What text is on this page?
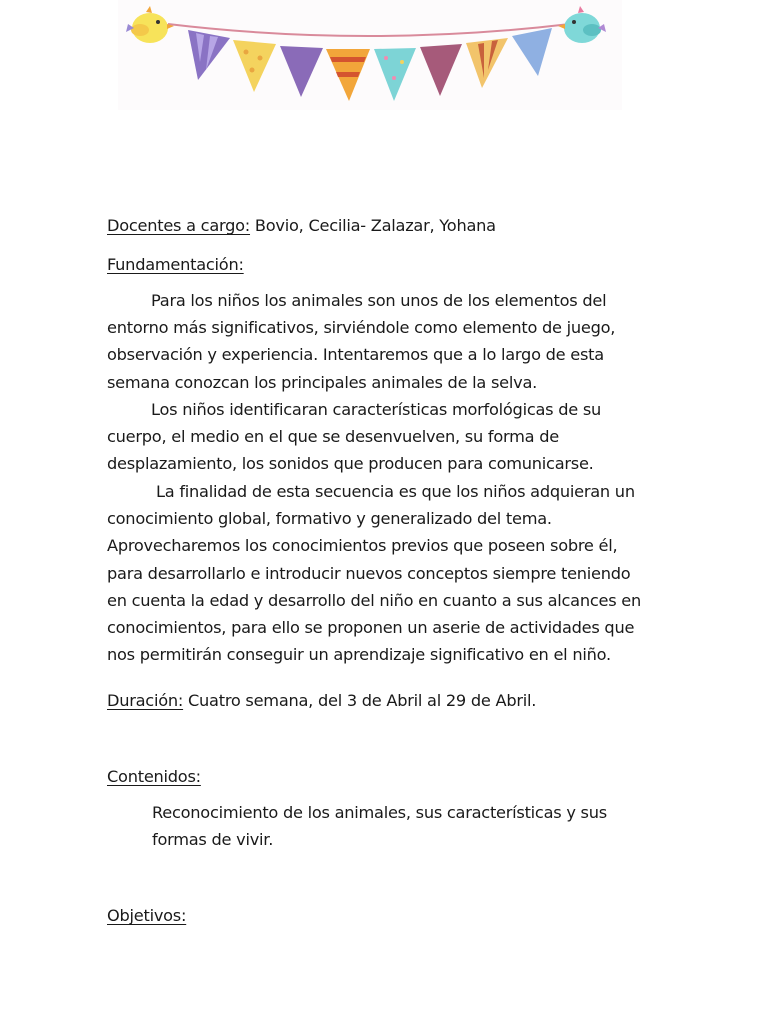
Docentes a cargo: Bovio, Cecilia- Zalazar, Yohana
Fundamentación:
Para los niños los animales son unos de los elementos del
entorno más significativos, sirviéndole como elemento de juego,
observación y experiencia. Intentaremos que a lo largo de esta
semana conozcan los principales animales de la selva.
Los niños identificaran características morfológicas de su
cuerpo, el medio en el que se desenvuelven, su forma de
desplazamiento, los sonidos que producen para comunicarse.
La finalidad de esta secuencia es que los niños adquieran un
conocimiento global, formativo y generalizado del tema.
Aprovecharemos los conocimientos previos que poseen sobre él,
para desarrollarlo e introducir nuevos conceptos siempre teniendo
en cuenta la edad y desarrollo del niño en cuanto a sus alcances en
conocimientos, para ello se proponen un aserie de actividades que
nos permitirán conseguir un aprendizaje significativo en el niño.
Duración: Cuatro semana, del 3 de Abril al 29 de Abril.
Contenidos:
Reconocimiento de los animales, sus características y sus
formas de vivir.
Objetivos:
